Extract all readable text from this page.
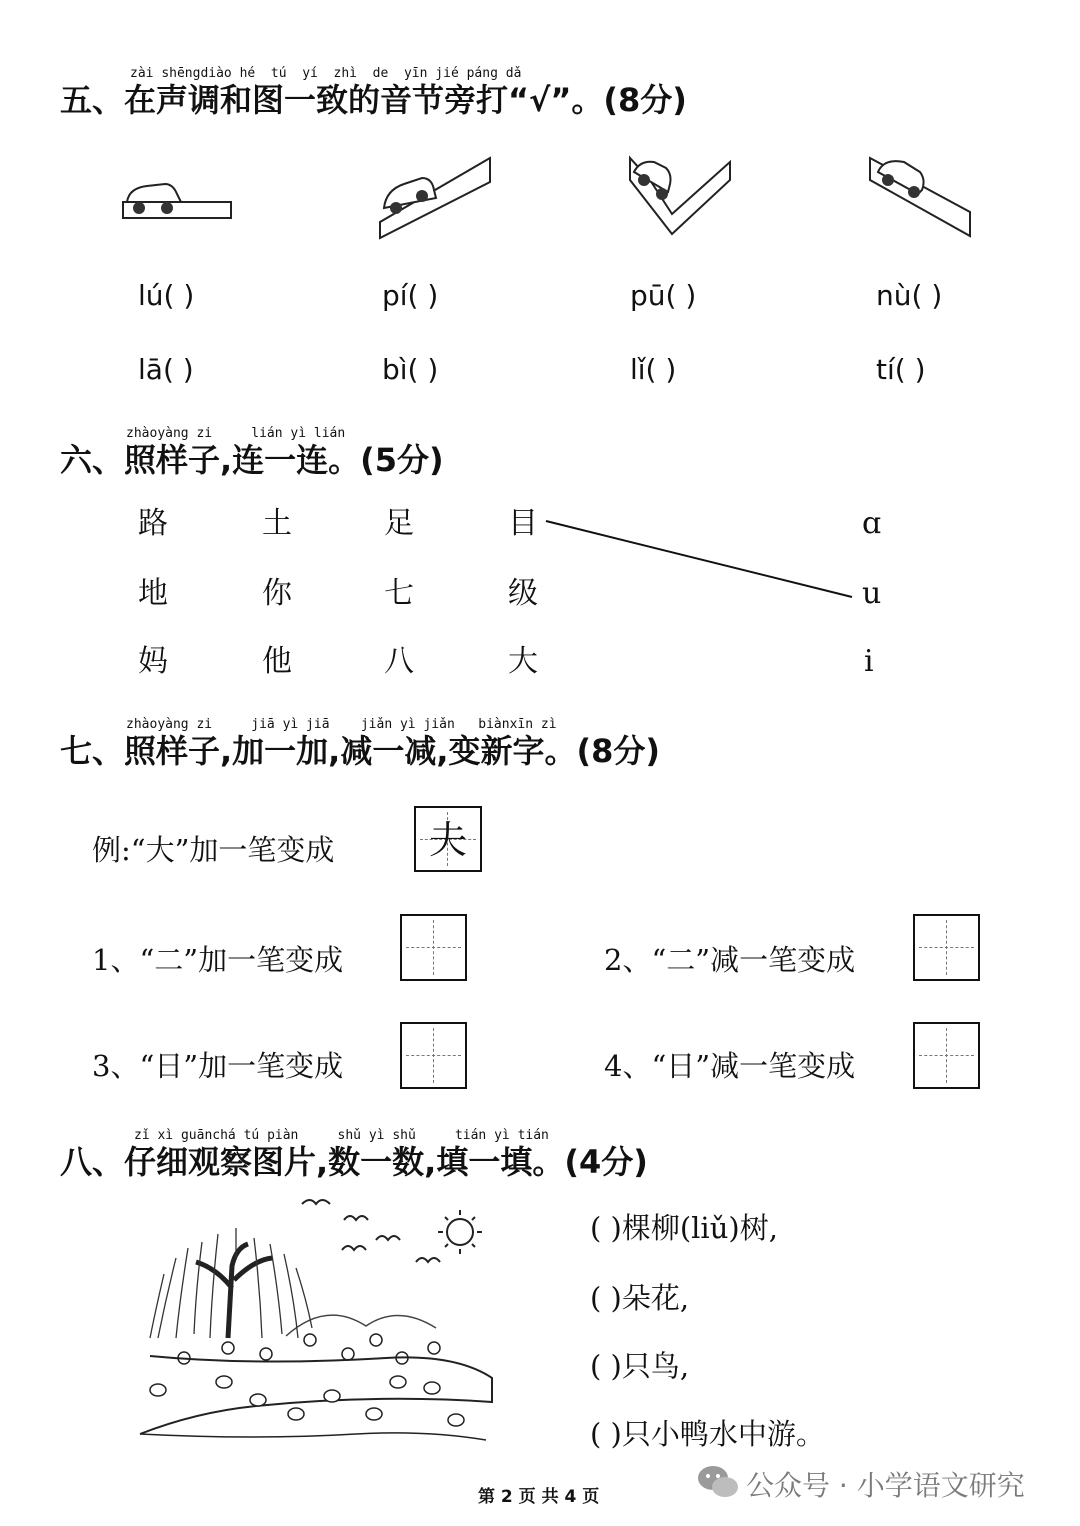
zài shēngdiào hé tú yí zhì de yīn jié páng dǎ
五、在声调和图一致的音节旁打“√”。(8分)
lú( )	pí( )	pū( )	nù( )
lā( )	bì( )	lǐ( )	tí( )
zhàoyàng zi	lián yì lián
六、照样子,连一连。(5分)
路	土	足	目
地	你	七	级
妈	他	八	大
ɑ
u
i
zhàoyàng zi	jiā yì jiā jiǎn yì jiǎn biànxīn zì
七、照样子,加一加,减一减,变新字。(8分)
例:“大”加一笔变成	夫
1、“二”加一笔变成	2、“二”减一笔变成
3、“日”加一笔变成	4、“日”减一笔变成
zǐ xì guānchá tú piàn	shǔ yì shǔ	tián yì tián
八、仔细观察图片,数一数,填一填。(4分)
( )棵柳(liǔ)树,
( )朵花,
( )只鸟,
( )只小鸭水中游。
第 2 页 共 4 页	公众号 · 小学语文研究
